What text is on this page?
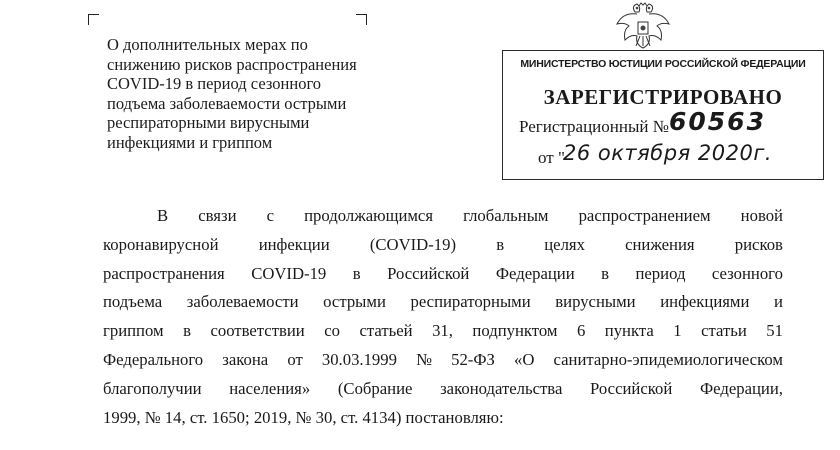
О дополнительных мерах по
снижению рисков распространения
COVID-19 в период сезонного
подъема заболеваемости острыми
респираторными вирусными
инфекциями и гриппом
МИНИСТЕРСТВО ЮСТИЦИИ РОССИЙСКОЙ ФЕДЕРАЦИИ
ЗАРЕГИСТРИРОВАНО
Регистрационный № 60563
от "
26 октября 2020г.
В связи с продолжающимся глобальным распространением новой
коронавирусной инфекции (COVID-19) в целях снижения рисков
распространения COVID-19 в Российской Федерации в период сезонного
подъема заболеваемости острыми респираторными вирусными инфекциями и
гриппом в соответствии со статьей 31, подпунктом 6 пункта 1 статьи 51
Федерального закона от 30.03.1999 № 52-ФЗ «О санитарно-эпидемиологическом
благополучии населения» (Собрание законодательства Российской Федерации,
1999, № 14, ст. 1650; 2019, № 30, ст. 4134) постановляю:
